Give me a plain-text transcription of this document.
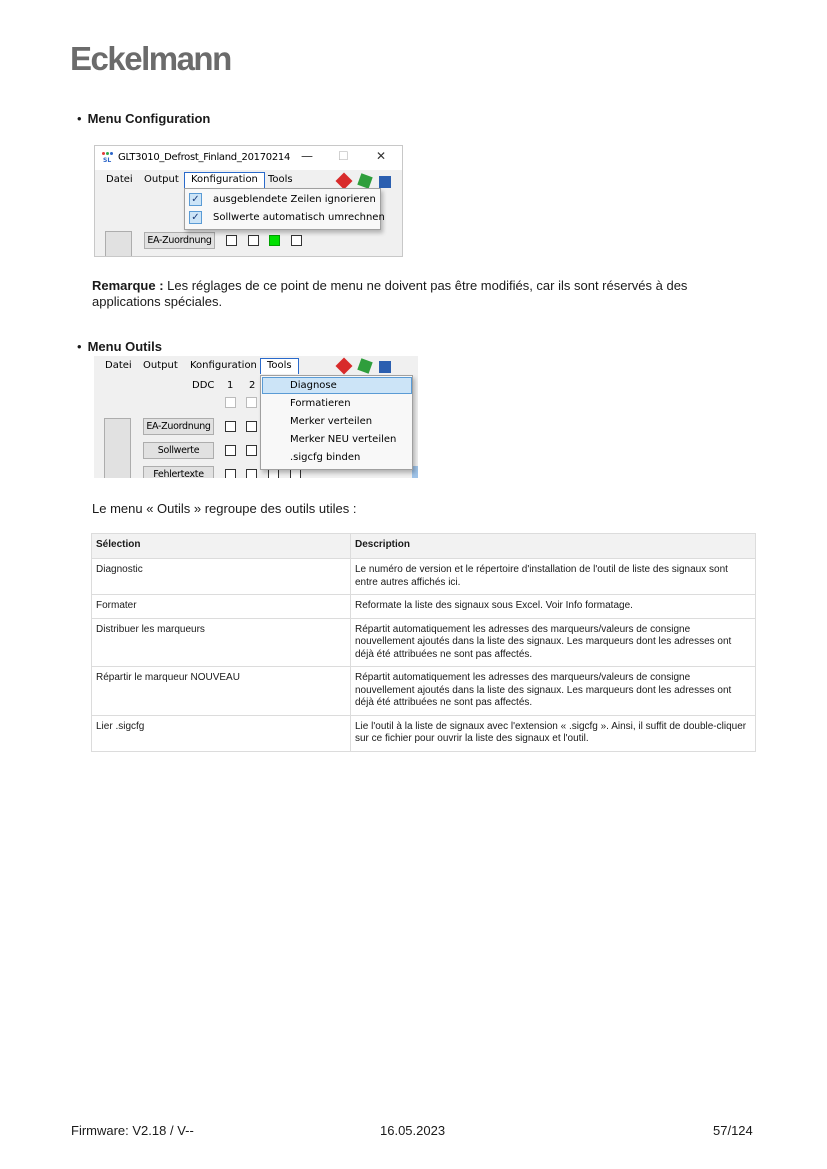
Eckelmann
• Menu Configuration
SL GLT3010_Defrost_Finland_20170214 — ☐ ✕
Datei Output	Konfiguration	Tools
EA-Zuordnung
✓ ausgeblendete Zeilen ignorieren
✓ Sollwerte automatisch umrechnen
Remarque : Les réglages de ce point de menu ne doivent pas être modifiés, car ils sont réservés à des applications spéciales.
• Menu Outils
Datei Output Konfiguration	Tools
DDC 1 2
EA-Zuordnung
Sollwerte
Fehlertexte
Diagnose
Formatieren
Merker verteilen
Merker NEU verteilen
.sigcfg binden
Le menu « Outils » regroupe des outils utiles :
Sélection	Description
Diagnostic	Le numéro de version et le répertoire d'installation de l'outil de liste des signaux sont entre autres affichés ici.
Formater	Reformate la liste des signaux sous Excel. Voir Info formatage.
Distribuer les marqueurs	Répartit automatiquement les adresses des marqueurs/valeurs de consigne nouvellement ajoutés dans la liste des signaux. Les marqueurs dont les adresses ont déjà été attribuées ne sont pas affectés.
Répartir le marqueur NOUVEAU	Répartit automatiquement les adresses des marqueurs/valeurs de consigne nouvellement ajoutés dans la liste des signaux. Les marqueurs dont les adresses ont déjà été attribuées ne sont pas affectés.
Lier .sigcfg	Lie l'outil à la liste de signaux avec l'extension « .sigcfg ». Ainsi, il suffit de double-cliquer sur ce fichier pour ouvrir la liste des signaux et l'outil.
Firmware: V2.18 / V--	16.05.2023	57/124
